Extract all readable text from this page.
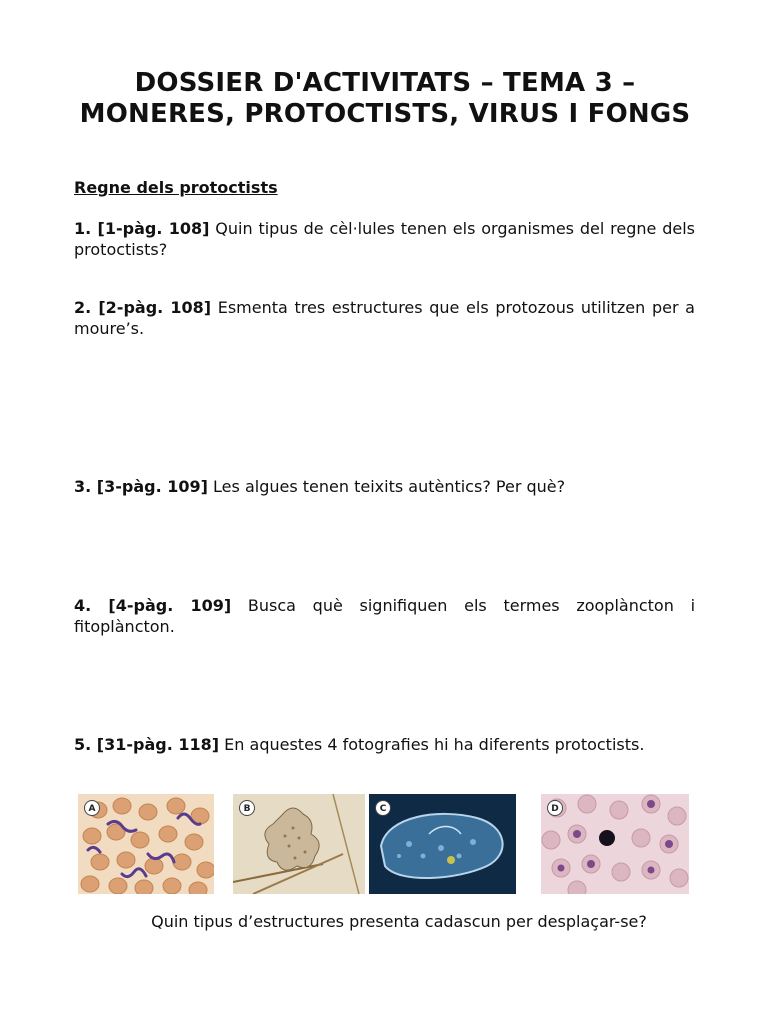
DOSSIER D'ACTIVITATS – TEMA 3 – MONERES, PROTOCTISTS, VIRUS I FONGS

Regne dels protoctists

1. [1-pàg. 108] Quin tipus de cèl·lules tenen els organismes del regne dels protoctists?

2. [2-pàg. 108] Esmenta tres estructures que els protozous utilitzen per a moure’s.

3. [3-pàg. 109] Les algues tenen teixits autèntics? Per què?

4. [4-pàg. 109] Busca què signifiquen els termes zooplàncton i fitoplàncton.

5. [31-pàg. 118] En aquestes 4 fotografies hi ha diferents protoctists.

A	B	C	D

Quin tipus d’estructures presenta cadascun per desplaçar-se?
